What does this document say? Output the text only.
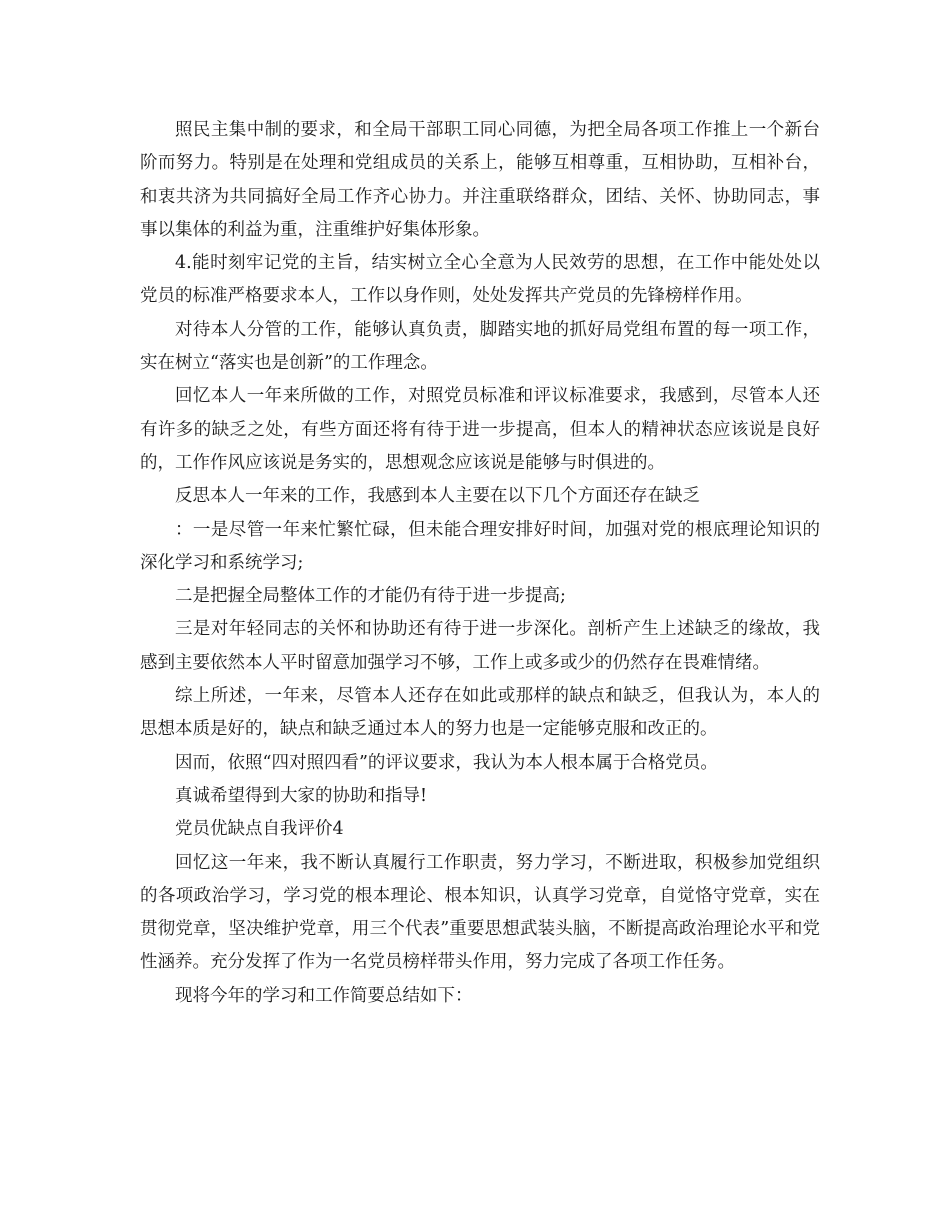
照民主集中制的要求，和全局干部职工同心同德，为把全局各项工作推上一个新台阶而努力。特别是在处理和党组成员的关系上，能够互相尊重，互相协助，互相补台，和衷共济为共同搞好全局工作齐心协力。并注重联络群众，团结、关怀、协助同志，事事以集体的利益为重，注重维护好集体形象。

4.能时刻牢记党的主旨，结实树立全心全意为人民效劳的思想，在工作中能处处以党员的标准严格要求本人，工作以身作则，处处发挥共产党员的先锋榜样作用。

对待本人分管的工作，能够认真负责，脚踏实地的抓好局党组布置的每一项工作，实在树立“落实也是创新”的工作理念。

回忆本人一年来所做的工作，对照党员标准和评议标准要求，我感到，尽管本人还有许多的缺乏之处，有些方面还将有待于进一步提高，但本人的精神状态应该说是良好的，工作作风应该说是务实的，思想观念应该说是能够与时俱进的。

反思本人一年来的工作，我感到本人主要在以下几个方面还存在缺乏

：一是尽管一年来忙繁忙碌，但未能合理安排好时间，加强对党的根底理论知识的深化学习和系统学习;

二是把握全局整体工作的才能仍有待于进一步提高;

三是对年轻同志的关怀和协助还有待于进一步深化。剖析产生上述缺乏的缘故，我感到主要依然本人平时留意加强学习不够，工作上或多或少的仍然存在畏难情绪。

综上所述，一年来，尽管本人还存在如此或那样的缺点和缺乏，但我认为，本人的思想本质是好的，缺点和缺乏通过本人的努力也是一定能够克服和改正的。

因而，依照“四对照四看”的评议要求，我认为本人根本属于合格党员。

真诚希望得到大家的协助和指导!

党员优缺点自我评价4

回忆这一年来，我不断认真履行工作职责，努力学习，不断进取，积极参加党组织的各项政治学习，学习党的根本理论、根本知识，认真学习党章，自觉恪守党章，实在贯彻党章，坚决维护党章，用三个代表”重要思想武装头脑，不断提高政治理论水平和党性涵养。充分发挥了作为一名党员榜样带头作用，努力完成了各项工作任务。

现将今年的学习和工作简要总结如下：
